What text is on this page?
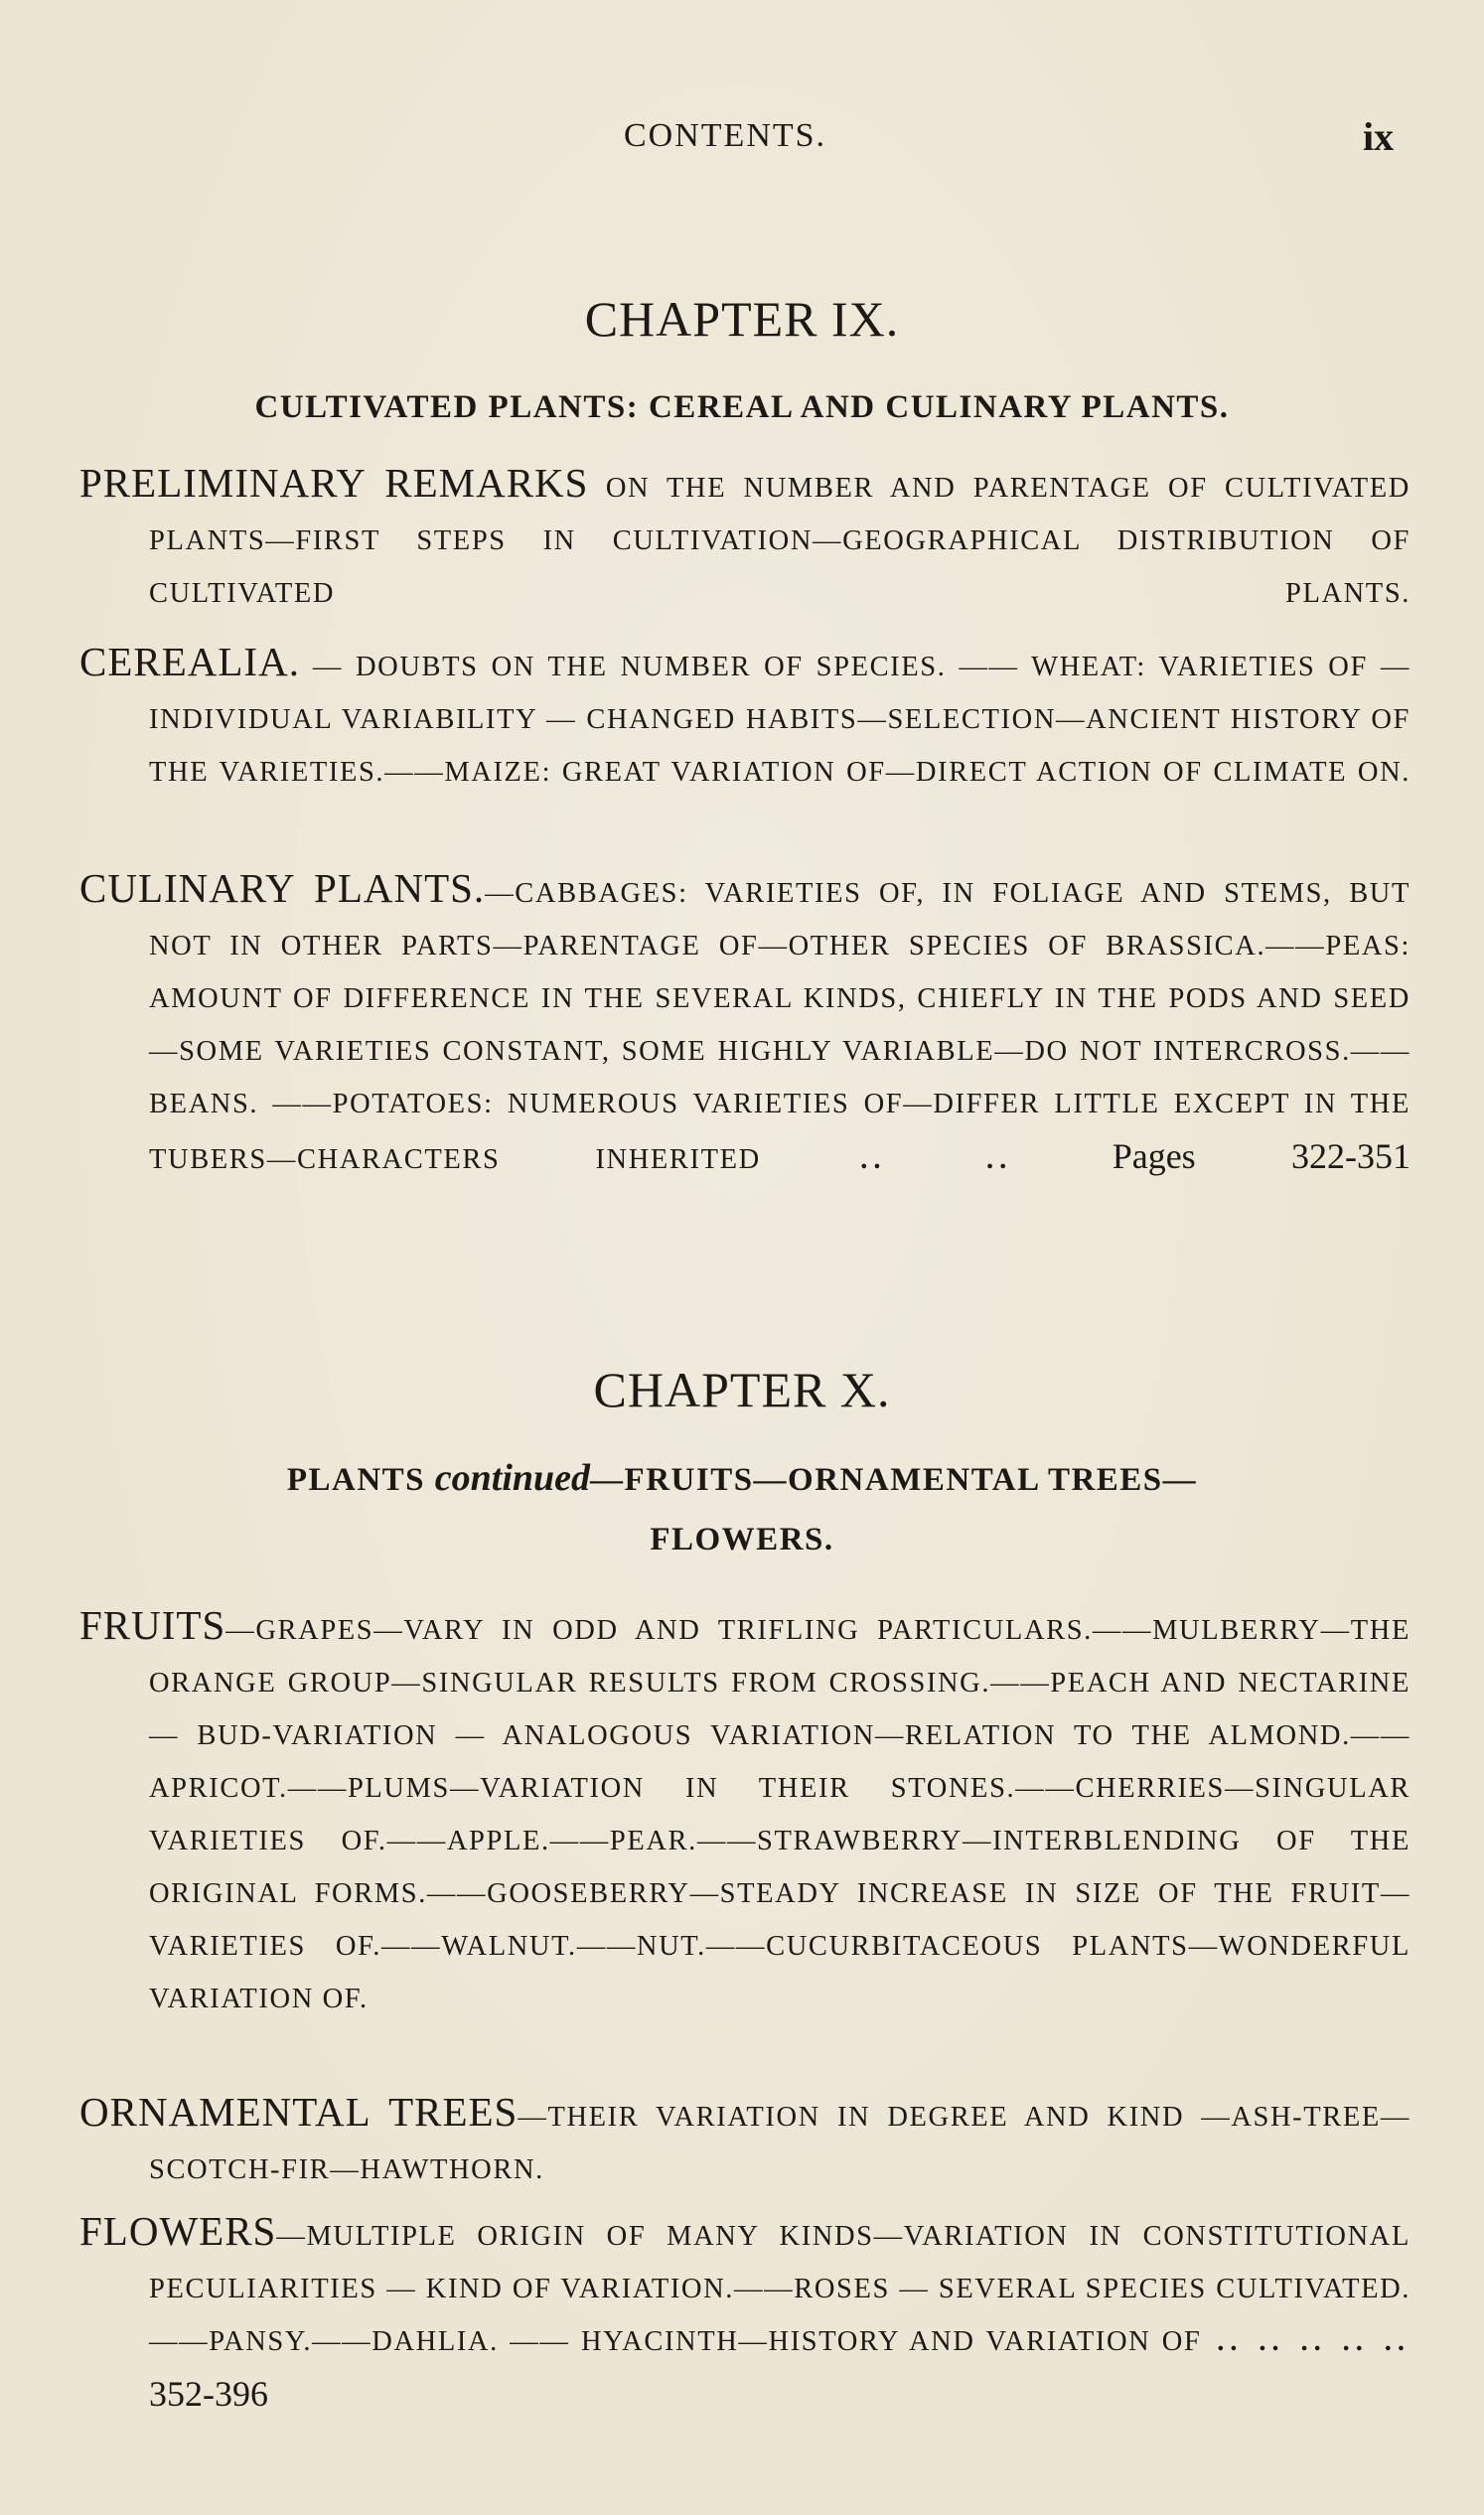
CONTENTS.	ix
CHAPTER IX.
CULTIVATED PLANTS: CEREAL AND CULINARY PLANTS.
PRELIMINARY REMARKS ON THE NUMBER AND PARENTAGE OF CULTIVATED PLANTS—FIRST STEPS IN CULTIVATION—GEOGRAPHICAL DISTRIBUTION OF CULTIVATED PLANTS.
CEREALIA. — DOUBTS ON THE NUMBER OF SPECIES. —— WHEAT: VARIETIES OF — INDIVIDUAL VARIABILITY — CHANGED HABITS—SELECTION—ANCIENT HISTORY OF THE VARIETIES.——MAIZE: GREAT VARIATION OF—DIRECT ACTION OF CLIMATE ON.
CULINARY PLANTS.—CABBAGES: VARIETIES OF, IN FOLIAGE AND STEMS, BUT NOT IN OTHER PARTS—PARENTAGE OF—OTHER SPECIES OF BRASSICA.——PEAS: AMOUNT OF DIFFERENCE IN THE SEVERAL KINDS, CHIEFLY IN THE PODS AND SEED—SOME VARIETIES CONSTANT, SOME HIGHLY VARIABLE—DO NOT INTERCROSS.——BEANS. ——POTATOES: NUMEROUS VARIETIES OF—DIFFER LITTLE EXCEPT IN THE TUBERS—CHARACTERS INHERITED .. .. Pages 322-351
CHAPTER X.
PLANTS continued—FRUITS—ORNAMENTAL TREES—
FLOWERS.
FRUITS—GRAPES—VARY IN ODD AND TRIFLING PARTICULARS.——MULBERRY—THE ORANGE GROUP—SINGULAR RESULTS FROM CROSSING.——PEACH AND NECTARINE — BUD-VARIATION — ANALOGOUS VARIATION—RELATION TO THE ALMOND.——APRICOT.——PLUMS—VARIATION IN THEIR STONES.——CHERRIES—SINGULAR VARIETIES OF.——APPLE.——PEAR.——STRAWBERRY—INTERBLENDING OF THE ORIGINAL FORMS.——GOOSEBERRY—STEADY INCREASE IN SIZE OF THE FRUIT—VARIETIES OF.——WALNUT.——NUT.——CUCURBITACEOUS PLANTS—WONDERFUL VARIATION OF.
ORNAMENTAL TREES—THEIR VARIATION IN DEGREE AND KIND —ASH-TREE—SCOTCH-FIR—HAWTHORN.
FLOWERS—MULTIPLE ORIGIN OF MANY KINDS—VARIATION IN CONSTITUTIONAL PECULIARITIES — KIND OF VARIATION.——ROSES — SEVERAL SPECIES CULTIVATED.——PANSY.——DAHLIA. —— HYACINTH—HISTORY AND VARIATION OF .. .. .. .. .. 352-396
